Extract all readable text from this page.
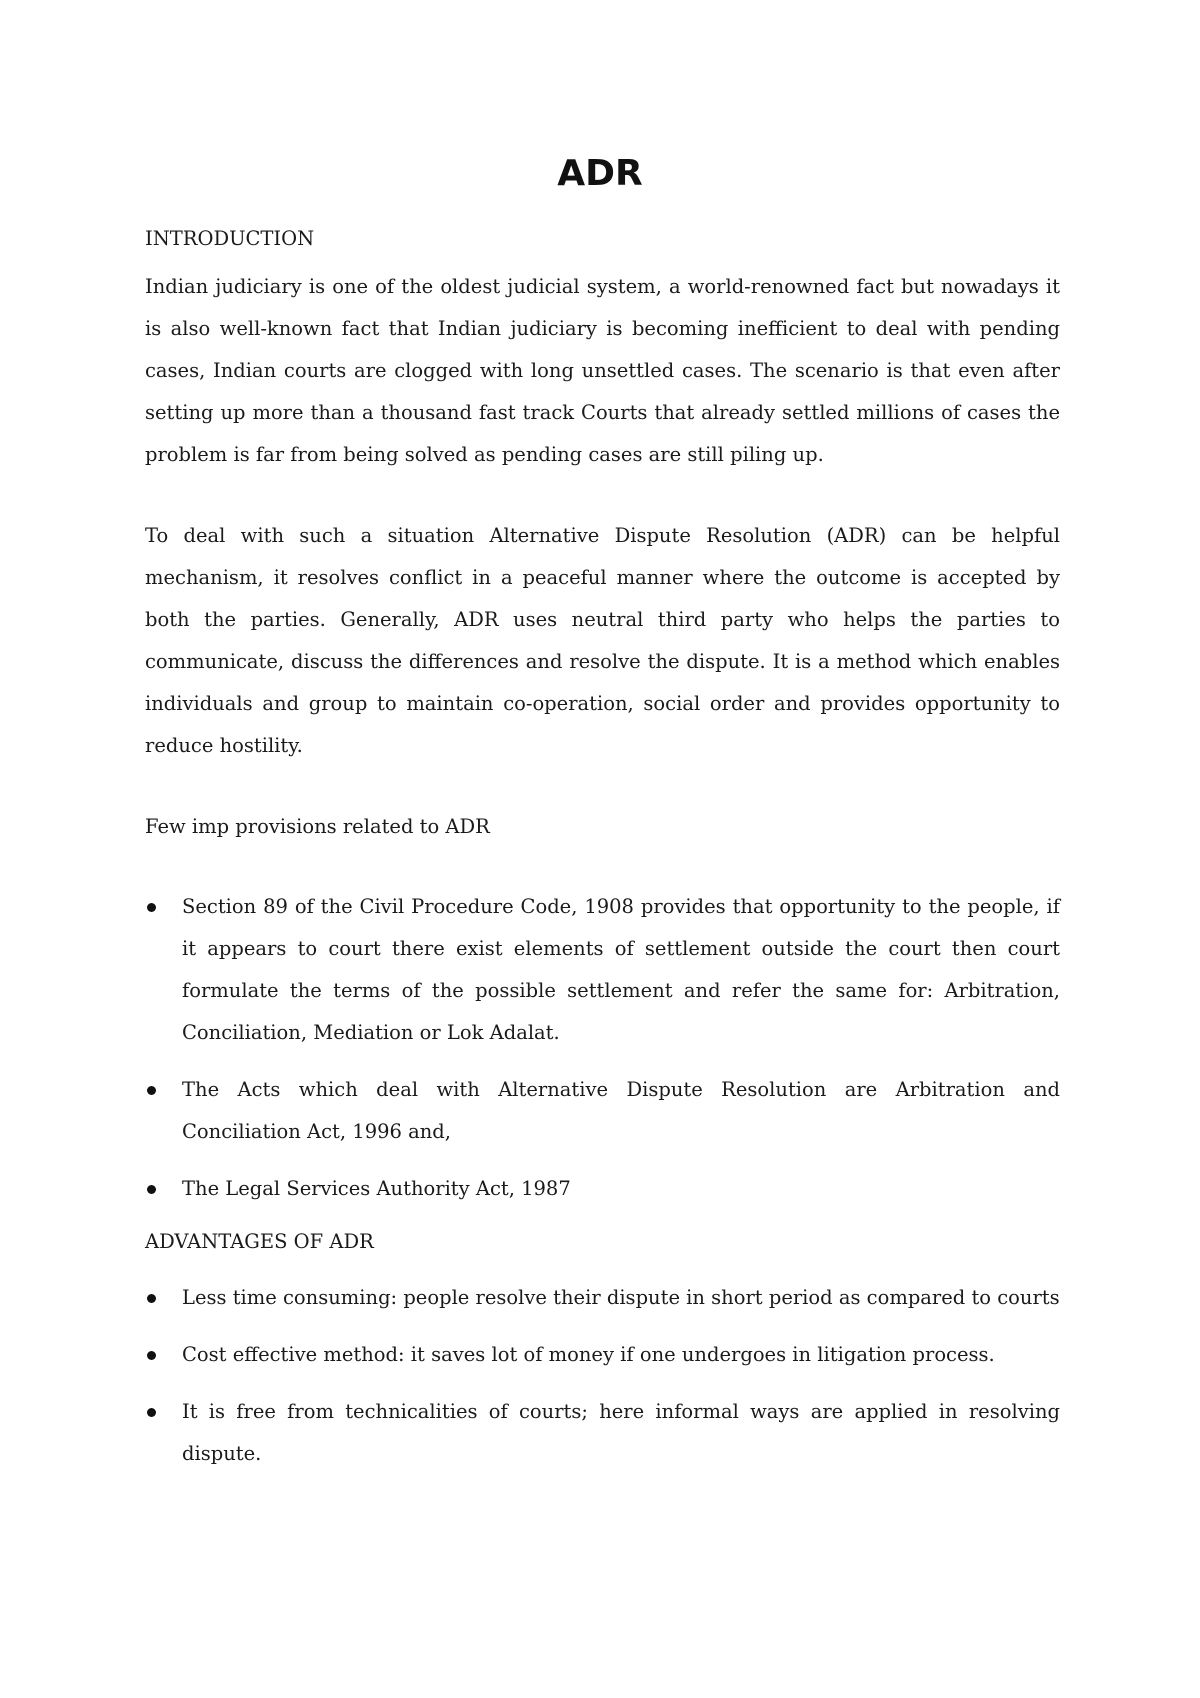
ADR

INTRODUCTION

Indian judiciary is one of the oldest judicial system, a world-renowned fact but nowadays it is also well-known fact that Indian judiciary is becoming inefficient to deal with pending cases, Indian courts are clogged with long unsettled cases. The scenario is that even after setting up more than a thousand fast track Courts that already settled millions of cases the problem is far from being solved as pending cases are still piling up.

To deal with such a situation Alternative Dispute Resolution (ADR) can be helpful mechanism, it resolves conflict in a peaceful manner where the outcome is accepted by both the parties. Generally, ADR uses neutral third party who helps the parties to communicate, discuss the differences and resolve the dispute. It is a method which enables individuals and group to maintain co-operation, social order and provides opportunity to reduce hostility.

Few imp provisions related to ADR

Section 89 of the Civil Procedure Code, 1908 provides that opportunity to the people, if it appears to court there exist elements of settlement outside the court then court formulate the terms of the possible settlement and refer the same for: Arbitration, Conciliation, Mediation or Lok Adalat.
The Acts which deal with Alternative Dispute Resolution are Arbitration and Conciliation Act, 1996 and,
The Legal Services Authority Act, 1987

ADVANTAGES OF ADR

Less time consuming: people resolve their dispute in short period as compared to courts
Cost effective method: it saves lot of money if one undergoes in litigation process.
It is free from technicalities of courts; here informal ways are applied in resolving dispute.
